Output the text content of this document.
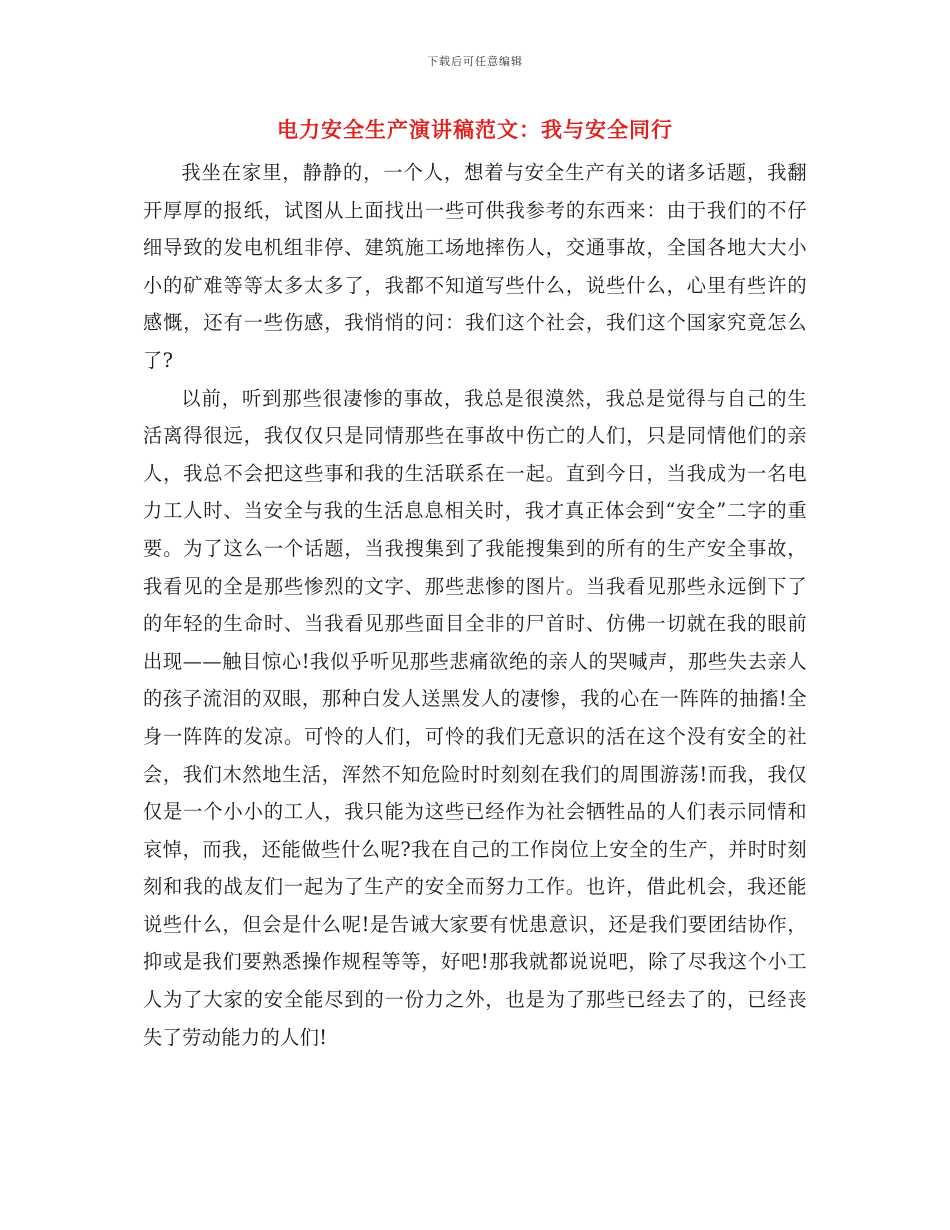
下载后可任意编辑
电力安全生产演讲稿范文：我与安全同行

我坐在家里，静静的，一个人，想着与安全生产有关的诸多话题，我翻开厚厚的报纸，试图从上面找出一些可供我参考的东西来：由于我们的不仔细导致的发电机组非停、建筑施工场地摔伤人，交通事故，全国各地大大小小的矿难等等太多太多了，我都不知道写些什么，说些什么，心里有些许的感慨，还有一些伤感，我悄悄的问：我们这个社会，我们这个国家究竟怎么了?

以前，听到那些很凄惨的事故，我总是很漠然，我总是觉得与自己的生活离得很远，我仅仅只是同情那些在事故中伤亡的人们，只是同情他们的亲人，我总不会把这些事和我的生活联系在一起。直到今日，当我成为一名电力工人时、当安全与我的生活息息相关时，我才真正体会到“安全”二字的重要。为了这么一个话题，当我搜集到了我能搜集到的所有的生产安全事故，我看见的全是那些惨烈的文字、那些悲惨的图片。当我看见那些永远倒下了的年轻的生命时、当我看见那些面目全非的尸首时、仿佛一切就在我的眼前出现——触目惊心!我似乎听见那些悲痛欲绝的亲人的哭喊声，那些失去亲人的孩子流泪的双眼，那种白发人送黑发人的凄惨，我的心在一阵阵的抽搐!全身一阵阵的发凉。可怜的人们，可怜的我们无意识的活在这个没有安全的社会，我们木然地生活，浑然不知危险时时刻刻在我们的周围游荡!而我，我仅仅是一个小小的工人，我只能为这些已经作为社会牺牲品的人们表示同情和哀悼，而我，还能做些什么呢?我在自己的工作岗位上安全的生产，并时时刻刻和我的战友们一起为了生产的安全而努力工作。也许，借此机会，我还能说些什么，但会是什么呢!是告诫大家要有忧患意识，还是我们要团结协作，抑或是我们要熟悉操作规程等等，好吧!那我就都说说吧，除了尽我这个小工人为了大家的安全能尽到的一份力之外，也是为了那些已经去了的，已经丧失了劳动能力的人们!
